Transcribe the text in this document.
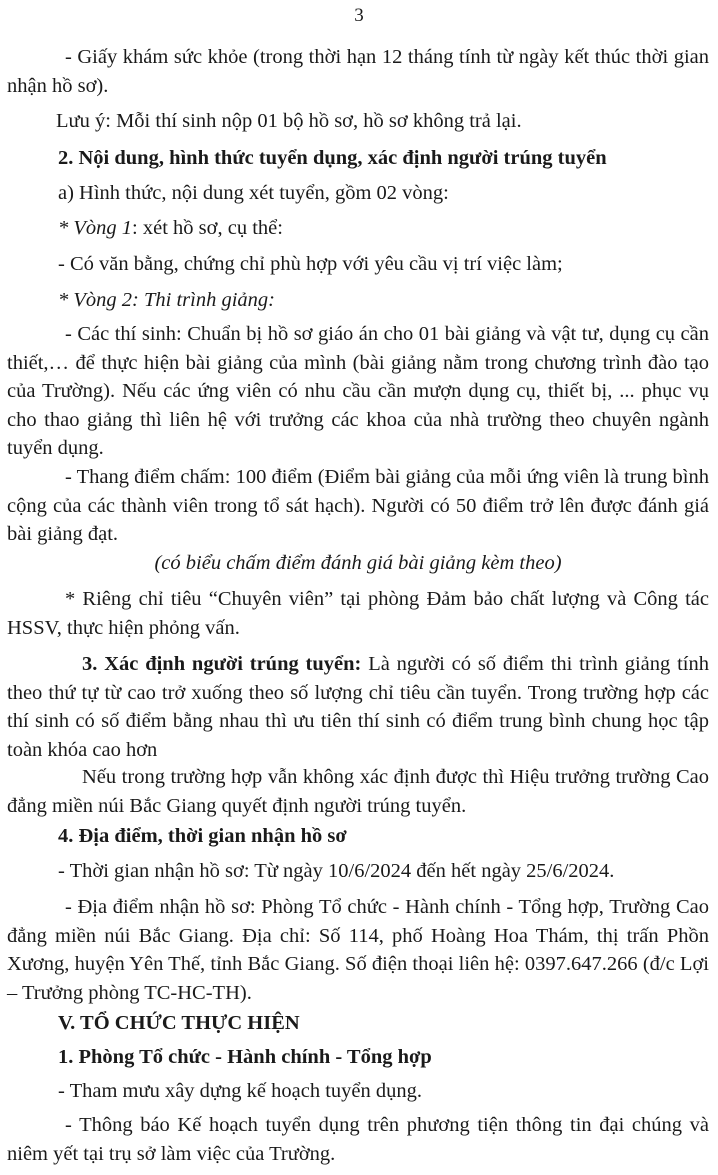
3

- Giấy khám sức khỏe (trong thời hạn 12 tháng tính từ ngày kết thúc thời gian nhận hồ sơ).

Lưu ý: Mỗi thí sinh nộp 01 bộ hồ sơ, hồ sơ không trả lại.

2. Nội dung, hình thức tuyển dụng, xác định người trúng tuyển

a) Hình thức, nội dung xét tuyển, gồm 02 vòng:

* Vòng 1: xét hồ sơ, cụ thể:

- Có văn bằng, chứng chỉ phù hợp với yêu cầu vị trí việc làm;

* Vòng 2: Thi trình giảng:

- Các thí sinh: Chuẩn bị hồ sơ giáo án cho 01 bài giảng và vật tư, dụng cụ cần thiết,… để thực hiện bài giảng của mình (bài giảng nằm trong chương trình đào tạo của Trường). Nếu các ứng viên có nhu cầu cần mượn dụng cụ, thiết bị, ... phục vụ cho thao giảng thì liên hệ với trưởng các khoa của nhà trường theo chuyên ngành tuyển dụng.

- Thang điểm chấm: 100 điểm (Điểm bài giảng của mỗi ứng viên là trung bình cộng của các thành viên trong tổ sát hạch). Người có 50 điểm trở lên được đánh giá bài giảng đạt.

(có biểu chấm điểm đánh giá bài giảng kèm theo)

* Riêng chỉ tiêu “Chuyên viên” tại phòng Đảm bảo chất lượng và Công tác HSSV, thực hiện phỏng vấn.

3. Xác định người trúng tuyển: Là người có số điểm thi trình giảng tính theo thứ tự từ cao trở xuống theo số lượng chỉ tiêu cần tuyển. Trong trường hợp các thí sinh có số điểm bằng nhau thì ưu tiên thí sinh có điểm trung bình chung học tập toàn khóa cao hơn

Nếu trong trường hợp vẫn không xác định được thì Hiệu trưởng trường Cao đẳng miền núi Bắc Giang quyết định người trúng tuyển.

4. Địa điểm, thời gian nhận hồ sơ

- Thời gian nhận hồ sơ: Từ ngày 10/6/2024 đến hết ngày 25/6/2024.

- Địa điểm nhận hồ sơ: Phòng Tổ chức - Hành chính - Tổng hợp, Trường Cao đẳng miền núi Bắc Giang. Địa chỉ: Số 114, phố Hoàng Hoa Thám, thị trấn Phồn Xương, huyện Yên Thế, tỉnh Bắc Giang. Số điện thoại liên hệ: 0397.647.266 (đ/c Lợi – Trưởng phòng TC-HC-TH).

V. TỔ CHỨC THỰC HIỆN

1. Phòng Tổ chức - Hành chính - Tổng hợp

- Tham mưu xây dựng kế hoạch tuyển dụng.

- Thông báo Kế hoạch tuyển dụng trên phương tiện thông tin đại chúng và niêm yết tại trụ sở làm việc của Trường.
